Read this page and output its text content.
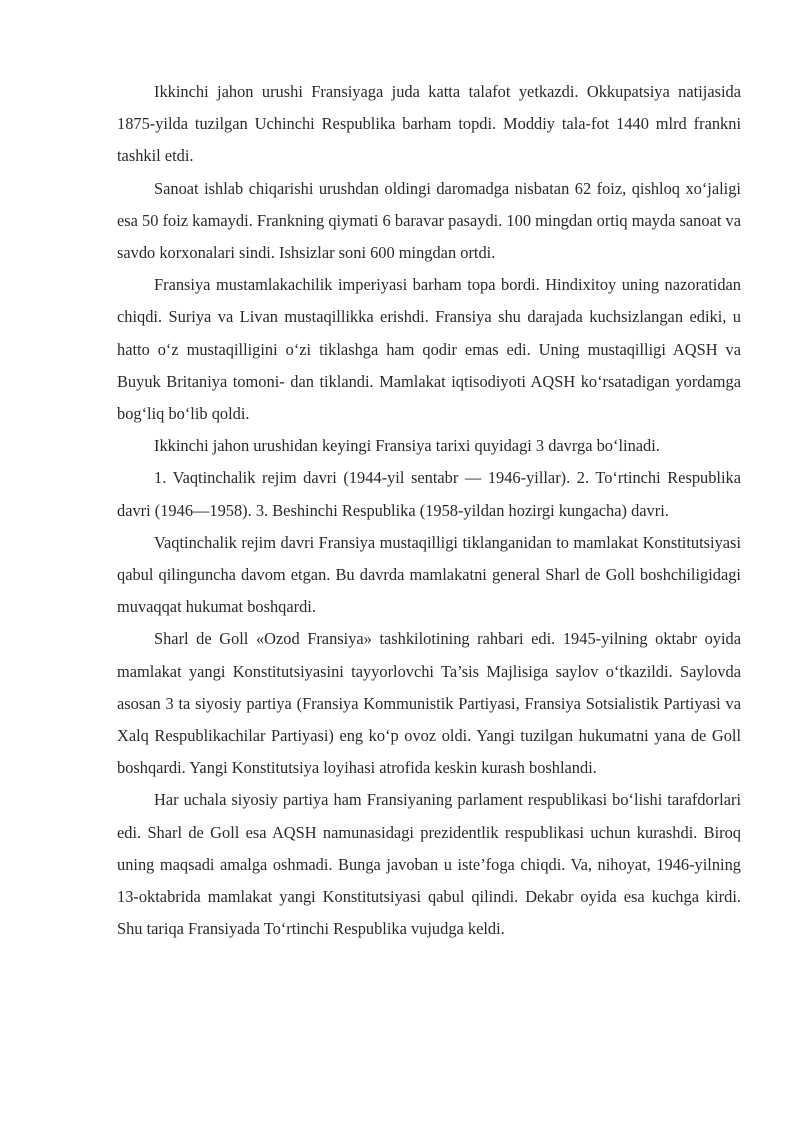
Ikkinchi jahon urushi Fransiyaga juda katta talafot yetkazdi. Okkupatsiya natijasida 1875-yilda tuzilgan Uchinchi Respublika barham topdi. Moddiy tala-fot 1440 mlrd frankni tashkil etdi.

Sanoat ishlab chiqarishi urushdan oldingi daromadga nisbatan 62 foiz, qishloq xo‘jaligi esa 50 foiz kamaydi. Frankning qiymati 6 baravar pasaydi. 100 mingdan ortiq mayda sanoat va savdo korxonalari sindi. Ishsizlar soni 600 mingdan ortdi.

Fransiya mustamlakachilik imperiyasi barham topa bordi. Hindixitoy uning nazoratidan chiqdi. Suriya va Livan mustaqillikka erishdi. Fransiya shu darajada kuchsizlangan ediki, u hatto o‘z mustaqilligini o‘zi tiklashga ham qodir emas edi. Uning mustaqilligi AQSH va Buyuk Britaniya tomoni- dan tiklandi. Mamlakat iqtisodiyoti AQSH ko‘rsatadigan yordamga bog‘liq bo‘lib qoldi.

Ikkinchi jahon urushidan keyingi Fransiya tarixi quyidagi 3 davrga bo‘linadi.

1. Vaqtinchalik rejim davri (1944-yil sentabr — 1946-yillar). 2. To‘rtinchi Respublika davri (1946—1958). 3. Beshinchi Respublika (1958-yildan hozirgi kungacha) davri.

Vaqtinchalik rejim davri Fransiya mustaqilligi tiklanganidan to mamlakat Konstitutsiyasi qabul qilinguncha davom etgan. Bu davrda mamlakatni general Sharl de Goll boshchiligidagi muvaqqat hukumat boshqardi.

Sharl de Goll «Ozod Fransiya» tashkilotining rahbari edi. 1945-yilning oktabr oyida mamlakat yangi Konstitutsiyasini tayyorlovchi Ta’sis Majlisiga saylov o‘tkazildi. Saylovda asosan 3 ta siyosiy partiya (Fransiya Kommunistik Partiyasi, Fransiya Sotsialistik Partiyasi va Xalq Respublikachilar Partiyasi) eng ko‘p ovoz oldi. Yangi tuzilgan hukumatni yana de Goll boshqardi. Yangi Konstitutsiya loyihasi atrofida keskin kurash boshlandi.

Har uchala siyosiy partiya ham Fransiyaning parlament respublikasi bo‘lishi tarafdorlari edi. Sharl de Goll esa AQSH namunasidagi prezidentlik respublikasi uchun kurashdi. Biroq uning maqsadi amalga oshmadi. Bunga javoban u iste’foga chiqdi. Va, nihoyat, 1946-yilning 13-oktabrida mamlakat yangi Konstitutsiyasi qabul qilindi. Dekabr oyida esa kuchga kirdi. Shu tariqa Fransiyada To‘rtinchi Respublika vujudga keldi.
